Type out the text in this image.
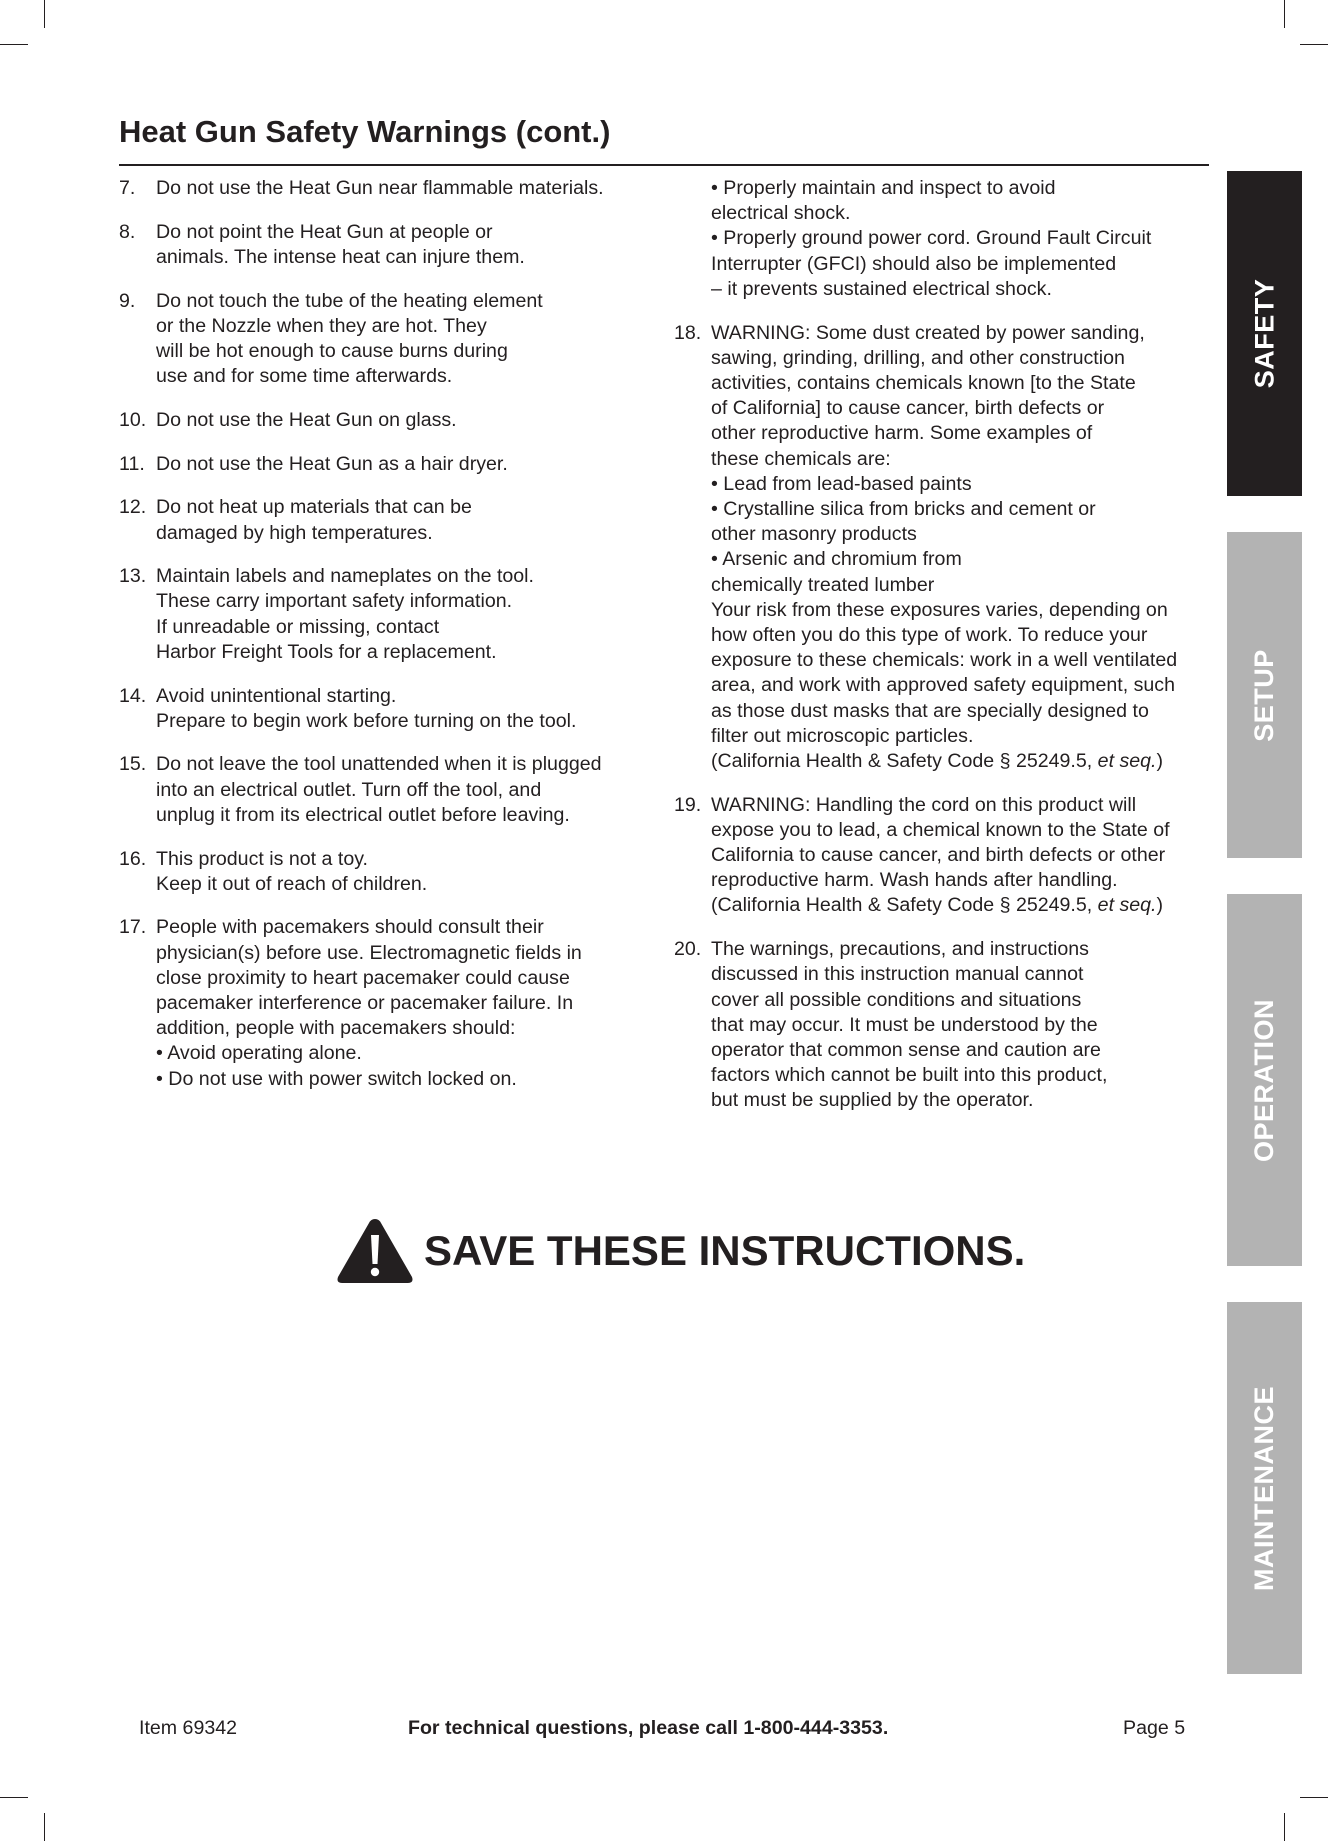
Heat Gun Safety Warnings (cont.)
7. Do not use the Heat Gun near flammable materials.
8. Do not point the Heat Gun at people or
animals. The intense heat can injure them.
9. Do not touch the tube of the heating element
or the Nozzle when they are hot. They
will be hot enough to cause burns during
use and for some time afterwards.
10. Do not use the Heat Gun on glass.
11. Do not use the Heat Gun as a hair dryer.
12. Do not heat up materials that can be
damaged by high temperatures.
13. Maintain labels and nameplates on the tool.
These carry important safety information.
If unreadable or missing, contact
Harbor Freight Tools for a replacement.
14. Avoid unintentional starting.
Prepare to begin work before turning on the tool.
15. Do not leave the tool unattended when it is plugged
into an electrical outlet. Turn off the tool, and
unplug it from its electrical outlet before leaving.
16. This product is not a toy.
Keep it out of reach of children.
17. People with pacemakers should consult their
physician(s) before use. Electromagnetic fields in
close proximity to heart pacemaker could cause
pacemaker interference or pacemaker failure. In
addition, people with pacemakers should:
• Avoid operating alone.
• Do not use with power switch locked on.
• Properly maintain and inspect to avoid
electrical shock.
• Properly ground power cord. Ground Fault Circuit
Interrupter (GFCI) should also be implemented
– it prevents sustained electrical shock.
18. WARNING: Some dust created by power sanding,
sawing, grinding, drilling, and other construction
activities, contains chemicals known [to the State
of California] to cause cancer, birth defects or
other reproductive harm. Some examples of
these chemicals are:
• Lead from lead-based paints
• Crystalline silica from bricks and cement or
other masonry products
• Arsenic and chromium from
chemically treated lumber
Your risk from these exposures varies, depending on
how often you do this type of work. To reduce your
exposure to these chemicals: work in a well ventilated
area, and work with approved safety equipment, such
as those dust masks that are specially designed to
filter out microscopic particles.
(California Health & Safety Code § 25249.5, et seq.)
19. WARNING: Handling the cord on this product will
expose you to lead, a chemical known to the State of
California to cause cancer, and birth defects or other
reproductive harm. Wash hands after handling.
(California Health & Safety Code § 25249.5, et seq.)
20. The warnings, precautions, and instructions
discussed in this instruction manual cannot
cover all possible conditions and situations
that may occur. It must be understood by the
operator that common sense and caution are
factors which cannot be built into this product,
but must be supplied by the operator.
SAFETY
SETUP
OPERATION
MAINTENANCE
SAVE THESE INSTRUCTIONS.
Item 69342	For technical questions, please call 1-800-444-3353.	Page 5
